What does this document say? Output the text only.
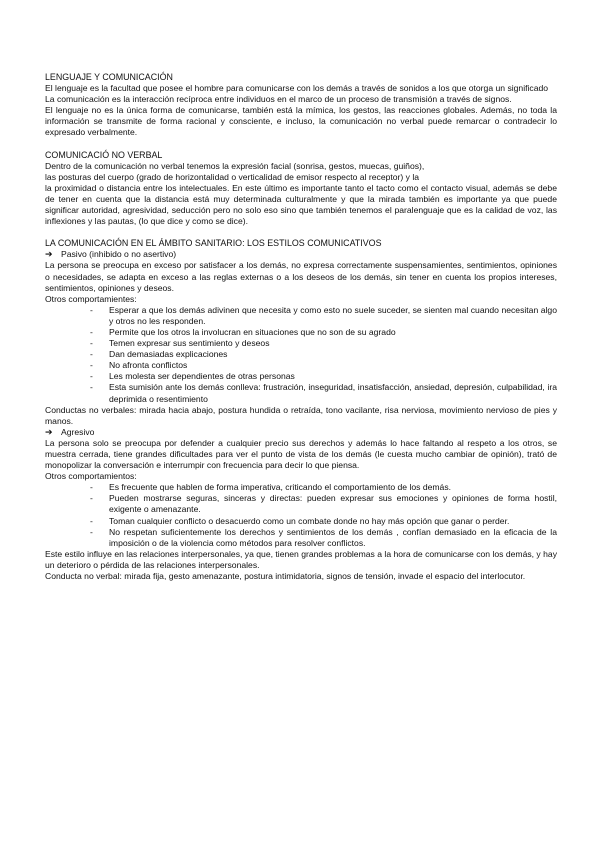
LENGUAJE Y COMUNICACIÓN

El lenguaje es la facultad que posee el hombre para comunicarse con los demás a través de sonidos a los que otorga un significado

La comunicación es la interacción recíproca entre individuos en el marco de un proceso de transmisión a través de signos.

El lenguaje no es la única forma de comunicarse, también está la mímica, los gestos, las reacciones globales. Además, no toda la información se transmite de forma racional y consciente, e incluso, la comunicación no verbal puede remarcar o contradecir lo expresado verbalmente.

COMUNICACIÓ NO VERBAL

Dentro de la comunicación no verbal tenemos la expresión facial (sonrisa, gestos, muecas, guiños),

las posturas del cuerpo (grado de horizontalidad o verticalidad de emisor respecto al receptor) y la

la proximidad o distancia entre los intelectuales. En este último es importante tanto el tacto como el contacto visual, además se debe de tener en cuenta que la distancia está muy determinada culturalmente y que la mirada también es importante ya que puede significar autoridad, agresividad, seducción pero no solo eso sino que también tenemos el paralenguaje que es la calidad de voz, las inflexiones y las pautas, (lo que dice y como se dice).

LA COMUNICACIÓN EN EL ÁMBITO SANITARIO: LOS ESTILOS COMUNICATIVOS

➔ Pasivo (inhibido o no asertivo)

La persona se preocupa en exceso por satisfacer a los demás, no expresa correctamente suspensamientes, sentimientos, opiniones o necesidades, se adapta en exceso a las reglas externas o a los deseos de los demás, sin tener en cuenta los propios intereses, sentimientos, opiniones y deseos.

Otros comportamientes:

- Esperar a que los demás adivinen que necesita y como esto no suele suceder, se sienten mal cuando necesitan algo y otros no les responden.
- Permite que los otros la involucran en situaciones que no son de su agrado
- Temen expresar sus sentimiento y deseos
- Dan demasiadas explicaciones
- No afronta conflictos
- Les molesta ser dependientes de otras personas
- Esta sumisión ante los demás conlleva: frustración, inseguridad, insatisfacción, ansiedad, depresión, culpabilidad, ira deprimida o resentimiento

Conductas no verbales: mirada hacia abajo, postura hundida o retraída, tono vacilante, risa nerviosa, movimiento nervioso de pies y manos.

➔ Agresivo

La persona solo se preocupa por defender a cualquier precio sus derechos y además lo hace faltando al respeto a los otros, se muestra cerrada, tiene grandes dificultades para ver el punto de vista de los demás (le cuesta mucho cambiar de opinión), trató de monopolizar la conversación e interrumpir con frecuencia para decir lo que piensa.

Otros comportamientos:

- Es frecuente que hablen de forma imperativa, criticando el comportamiento de los demás.
- Pueden mostrarse seguras, sinceras y directas: pueden expresar sus emociones y opiniones de forma hostil, exigente o amenazante.
- Toman cualquier conflicto o desacuerdo como un combate donde no hay más opción que ganar o perder.
- No respetan suficientemente los derechos y sentimientos de los demás , confían demasiado en la eficacia de la imposición o de la violencia como métodos para resolver conflictos.

Este estilo influye en las relaciones interpersonales, ya que, tienen grandes problemas a la hora de comunicarse con los demás, y hay un deterioro o pérdida de las relaciones interpersonales.

Conducta no verbal: mirada fija, gesto amenazante, postura intimidatoria, signos de tensión, invade el espacio del interlocutor.
